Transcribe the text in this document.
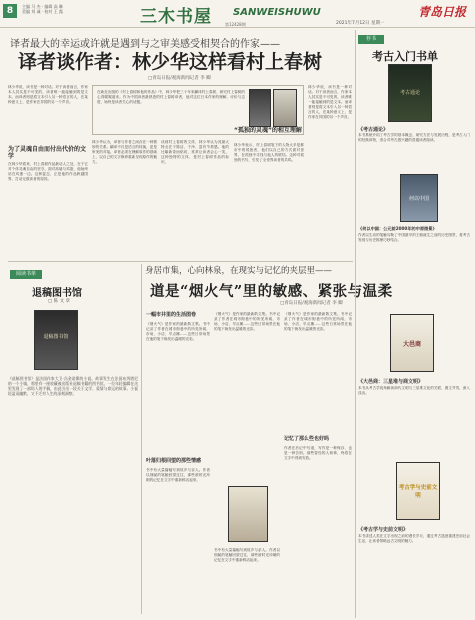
8	主编 马 杰 · 编辑 高 琳
美编 刘 诚 · 校对 王 露	三木书屋 SANWEISHUWU
第12428期	2021年7月12日 星期一
青岛日报
译者最大的幸运或许就是遇到与之审美感受相契合的作家——
译者谈作者：林少华这样看村上春树
□青岛日报/观海新闻记者 李 卿
林少华说，读书是一种对话。对于读者而言，作家本人其实是不可见的，读者唯一能接触到的是文本。而译者则是将文本引入另一种语言的人，在某种意义上，是作家在异国的另一个声音。
为了灵魂自由而付出代价的文学
在林少华看来，村上春树作品最动人之处，在于它对个体灵魂自由的坚守。面对高墙与鸡蛋，他始终站在鸡蛋一边。这种姿态，正是他的作品跨越国界、打动无数读者的原因。
在新近出版的《村上春树和他的作品》中，林少华把三十年来翻译村上春树、研究村上春树的心得娓娓道来。作为中国读者最熟悉的村上春树译者，他对这位日本作家的理解、评价与态度，始终是读者关心的话题。
林少华认为，译者与作者之间存在一种微妙的关系。翻译不仅是语言的转换，更是审美的对接。译者必须在理解原作的基础上，以自己的文字修养重新呈现原作的魅力。
谈到村上春树的文体，林少华认为其最大特点在于简洁、干净、富有节奏感。他的比喻新奇而贴切，常常让读者会心一笑。这种独特的文体，是村上春树作品的标识。
“孤独的灵魂”的相互理解
林少华表示，村上春树笔下的人物大多是都市中的孤独者，他们以自己的方式面对世界，在孤独中寻找与他人的联结。这种对孤独的书写，引发了全世界读者的共鸣。
林少华说，读书是一种对话。对于读者而言，作家本人其实是不可见的，读者唯一能接触到的是文本。而译者则是将文本引入另一种语言的人，在某种意义上，是作家在异国的另一个声音。
阅读书单
退稿图书馆
□ 陈 文 章
退稿图书馆
《退稿图书馆》是法国作家大卫·冯金诺斯的小说。故事发生在法国布列塔尼的一个小镇，那里有一座收藏被出版社退稿书籍的图书馆。一位年轻编辑在这里发现了一部惊人的手稿，由此引出一段关于文学、爱情与命运的故事。小说轻盈而幽默，又不乏对人生的深刻洞察。
身居市集，心向林泉，在现实与记忆的夹层里——
道是“烟火气”里的敏感、紧张与温柔
□青岛日报/观海新闻记者 李 卿
一幅市井里的生活图卷
《烟火气》是作家的最新散文集。书中记录了作者在城市街巷中的所见所闻，市场、小店、早点摊……这些日常场景在他的笔下焕发出温暖的光彩。
叶落归根回望的那些情感
书中有大量篇幅写到故乡与亲人。作者以细腻的笔触回望过往，那些被时光冲刷的记忆在文字中重新鲜活起来。
《烟火气》是作家的最新散文集。书中记录了作者在城市街巷中的所见所闻，市场、小店、早点摊……这些日常场景在他的笔下焕发出温暖的光彩。
书中有大量篇幅写到故乡与亲人。作者以细腻的笔触回望过往，那些被时光冲刷的记忆在文字中重新鲜活起来。
《烟火气》是作家的最新散文集。书中记录了作者在城市街巷中的所见所闻，市场、小店、早点摊……这些日常场景在他的笔下焕发出温暖的光彩。
记忆了那么些也好吗
作者在后记中写道，写作是一种保存，也是一种告别。那些曾经的人和事，终将在文字中得到安放。
荐书
考古入门书单
考古通论
《考古通论》
本书系统介绍了考古学的基本概念、研究方法与发展历程，是考古入门的经典读物，适合对考古感兴趣的普通读者阅读。
何以中国
《何以中国：公元前2000年的中原图景》
作者以生动的笔触勾勒了中国最早的王朝诞生之前的历史图景，将考古发现与历史推理巧妙结合。
大邑商
《大邑商：三星堆与商文明》
本书从考古学视角解读商代文明与三星堆文化的关联，图文并茂，深入浅出。
考古学与史前文明
《考古学与史前文明》
本书讲述人类在文字出现之前的漫长岁月，通过考古遗迹重建史前社会生活，让读者领略远古文明的魅力。
